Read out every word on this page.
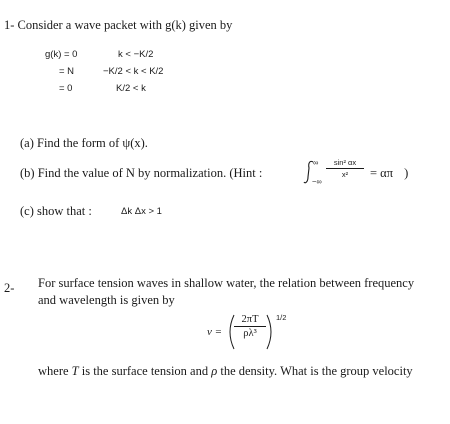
1- Consider a wave packet with g(k) given by
g(k) = 0	k < −K/2
= N	−K/2 < k < K/2
= 0	K/2 < k
(a) Find the form of ψ(x).
(b) Find the value of N by normalization. (Hint :
∞
−∞
sin² αx
x²	= απ )
(c) show that :	Δk Δx > 1
2- For surface tension waves in shallow water, the relation between frequency
and wavelength is given by
ν =
2πT
ρλ³
1/2
where T is the surface tension and ρ the density. What is the group velocity
